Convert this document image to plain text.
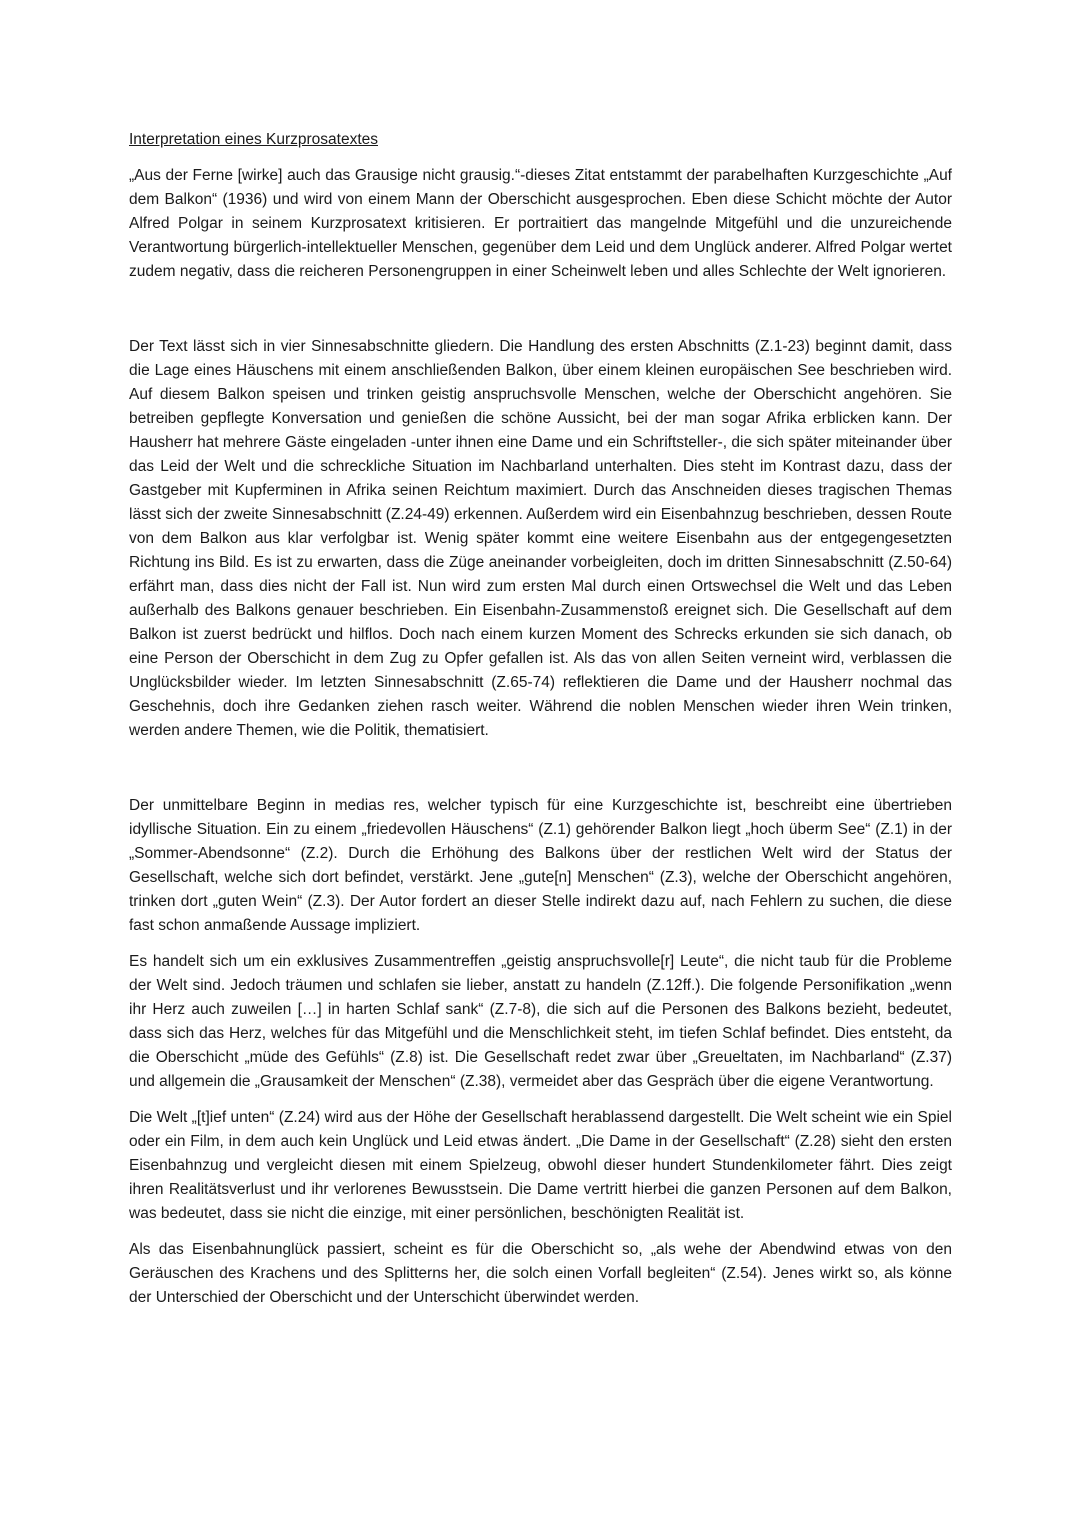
Interpretation eines Kurzprosatextes

„Aus der Ferne [wirke] auch das Grausige nicht grausig.“-dieses Zitat entstammt der parabelhaften Kurzgeschichte „Auf dem Balkon“ (1936) und wird von einem Mann der Oberschicht ausgesprochen. Eben diese Schicht möchte der Autor Alfred Polgar in seinem Kurzprosatext kritisieren. Er portraitiert das mangelnde Mitgefühl und die unzureichende Verantwortung bürgerlich-intellektueller Menschen, gegenüber dem Leid und dem Unglück anderer. Alfred Polgar wertet zudem negativ, dass die reicheren Personengruppen in einer Scheinwelt leben und alles Schlechte der Welt ignorieren.

Der Text lässt sich in vier Sinnesabschnitte gliedern. Die Handlung des ersten Abschnitts (Z.1-23) beginnt damit, dass die Lage eines Häuschens mit einem anschließenden Balkon, über einem kleinen europäischen See beschrieben wird. Auf diesem Balkon speisen und trinken geistig anspruchsvolle Menschen, welche der Oberschicht angehören. Sie betreiben gepflegte Konversation und genießen die schöne Aussicht, bei der man sogar Afrika erblicken kann. Der Hausherr hat mehrere Gäste eingeladen -unter ihnen eine Dame und ein Schriftsteller-, die sich später miteinander über das Leid der Welt und die schreckliche Situation im Nachbarland unterhalten. Dies steht im Kontrast dazu, dass der Gastgeber mit Kupferminen in Afrika seinen Reichtum maximiert. Durch das Anschneiden dieses tragischen Themas lässt sich der zweite Sinnesabschnitt (Z.24-49) erkennen. Außerdem wird ein Eisenbahnzug beschrieben, dessen Route von dem Balkon aus klar verfolgbar ist. Wenig später kommt eine weitere Eisenbahn aus der entgegengesetzten Richtung ins Bild. Es ist zu erwarten, dass die Züge aneinander vorbeigleiten, doch im dritten Sinnesabschnitt (Z.50-64) erfährt man, dass dies nicht der Fall ist. Nun wird zum ersten Mal durch einen Ortswechsel die Welt und das Leben außerhalb des Balkons genauer beschrieben. Ein Eisenbahn-Zusammenstoß ereignet sich. Die Gesellschaft auf dem Balkon ist zuerst bedrückt und hilflos. Doch nach einem kurzen Moment des Schrecks erkunden sie sich danach, ob eine Person der Oberschicht in dem Zug zu Opfer gefallen ist. Als das von allen Seiten verneint wird, verblassen die Unglücksbilder wieder. Im letzten Sinnesabschnitt (Z.65-74) reflektieren die Dame und der Hausherr nochmal das Geschehnis, doch ihre Gedanken ziehen rasch weiter. Während die noblen Menschen wieder ihren Wein trinken, werden andere Themen, wie die Politik, thematisiert.

Der unmittelbare Beginn in medias res, welcher typisch für eine Kurzgeschichte ist, beschreibt eine übertrieben idyllische Situation. Ein zu einem „friedevollen Häuschens“ (Z.1) gehörender Balkon liegt „hoch überm See“ (Z.1) in der „Sommer-Abendsonne“ (Z.2). Durch die Erhöhung des Balkons über der restlichen Welt wird der Status der Gesellschaft, welche sich dort befindet, verstärkt. Jene „gute[n] Menschen“ (Z.3), welche der Oberschicht angehören, trinken dort „guten Wein“ (Z.3). Der Autor fordert an dieser Stelle indirekt dazu auf, nach Fehlern zu suchen, die diese fast schon anmaßende Aussage impliziert.

Es handelt sich um ein exklusives Zusammentreffen „geistig anspruchsvolle[r] Leute“, die nicht taub für die Probleme der Welt sind. Jedoch träumen und schlafen sie lieber, anstatt zu handeln (Z.12ff.). Die folgende Personifikation „wenn ihr Herz auch zuweilen […] in harten Schlaf sank“ (Z.7-8), die sich auf die Personen des Balkons bezieht, bedeutet, dass sich das Herz, welches für das Mitgefühl und die Menschlichkeit steht, im tiefen Schlaf befindet. Dies entsteht, da die Oberschicht „müde des Gefühls“ (Z.8) ist. Die Gesellschaft redet zwar über „Greueltaten, im Nachbarland“ (Z.37) und allgemein die „Grausamkeit der Menschen“ (Z.38), vermeidet aber das Gespräch über die eigene Verantwortung.

Die Welt „[t]ief unten“ (Z.24) wird aus der Höhe der Gesellschaft herablassend dargestellt. Die Welt scheint wie ein Spiel oder ein Film, in dem auch kein Unglück und Leid etwas ändert. „Die Dame in der Gesellschaft“ (Z.28) sieht den ersten Eisenbahnzug und vergleicht diesen mit einem Spielzeug, obwohl dieser hundert Stundenkilometer fährt. Dies zeigt ihren Realitätsverlust und ihr verlorenes Bewusstsein. Die Dame vertritt hierbei die ganzen Personen auf dem Balkon, was bedeutet, dass sie nicht die einzige, mit einer persönlichen, beschönigten Realität ist.

Als das Eisenbahnunglück passiert, scheint es für die Oberschicht so, „als wehe der Abendwind etwas von den Geräuschen des Krachens und des Splitterns her, die solch einen Vorfall begleiten“ (Z.54). Jenes wirkt so, als könne der Unterschied der Oberschicht und der Unterschicht überwindet werden.
